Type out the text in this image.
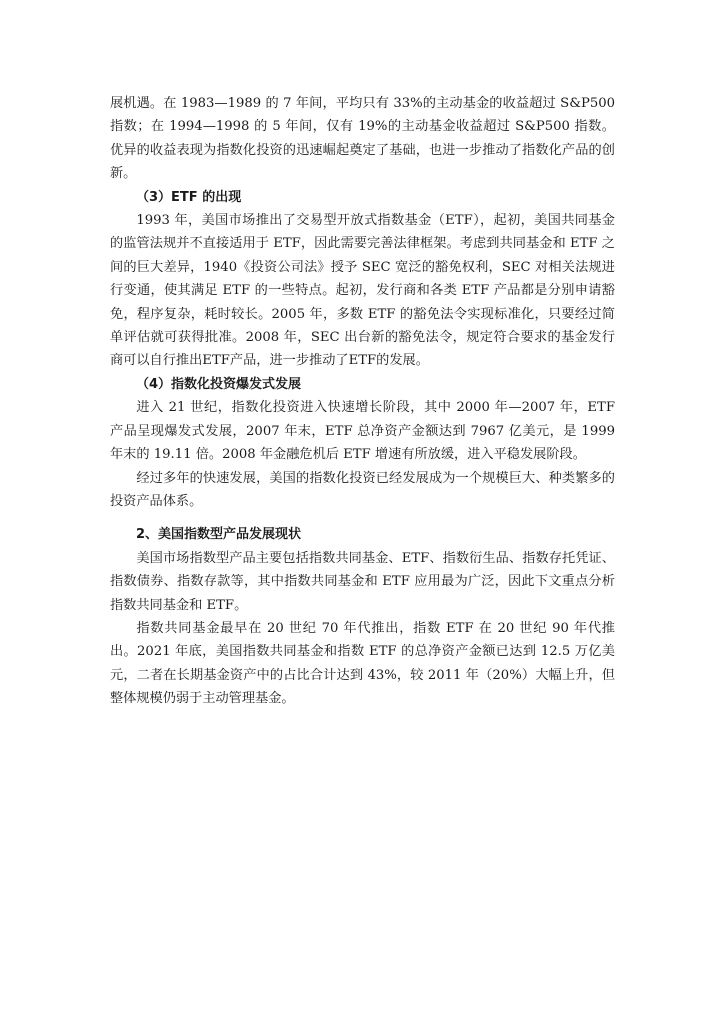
展机遇。在 1983—1989 的 7 年间，平均只有 33%的主动基金的收益超过 S&P500 指数；在 1994—1998 的 5 年间，仅有 19%的主动基金收益超过 S&P500 指数。优异的收益表现为指数化投资的迅速崛起奠定了基础，也进一步推动了指数化产品的创新。

（3）ETF 的出现

1993 年，美国市场推出了交易型开放式指数基金（ETF），起初，美国共同基金的监管法规并不直接适用于 ETF，因此需要完善法律框架。考虑到共同基金和 ETF 之间的巨大差异，1940《投资公司法》授予 SEC 宽泛的豁免权利，SEC 对相关法规进行变通，使其满足 ETF 的一些特点。起初，发行商和各类 ETF 产品都是分别申请豁免，程序复杂，耗时较长。2005 年，多数 ETF 的豁免法令实现标准化，只要经过简单评估就可获得批准。2008 年，SEC 出台新的豁免法令，规定符合要求的基金发行商可以自行推出ETF产品，进一步推动了ETF的发展。

（4）指数化投资爆发式发展

进入 21 世纪，指数化投资进入快速增长阶段，其中 2000 年—2007 年，ETF 产品呈现爆发式发展，2007 年末，ETF 总净资产金额达到 7967 亿美元，是 1999 年末的 19.11 倍。2008 年金融危机后 ETF 增速有所放缓，进入平稳发展阶段。

经过多年的快速发展，美国的指数化投资已经发展成为一个规模巨大、种类繁多的投资产品体系。

2、美国指数型产品发展现状

美国市场指数型产品主要包括指数共同基金、ETF、指数衍生品、指数存托凭证、指数债券、指数存款等，其中指数共同基金和 ETF 应用最为广泛，因此下文重点分析指数共同基金和 ETF。

指数共同基金最早在 20 世纪 70 年代推出，指数 ETF 在 20 世纪 90 年代推出。2021 年底，美国指数共同基金和指数 ETF 的总净资产金额已达到 12.5 万亿美元，二者在长期基金资产中的占比合计达到 43%，较 2011 年（20%）大幅上升，但整体规模仍弱于主动管理基金。
